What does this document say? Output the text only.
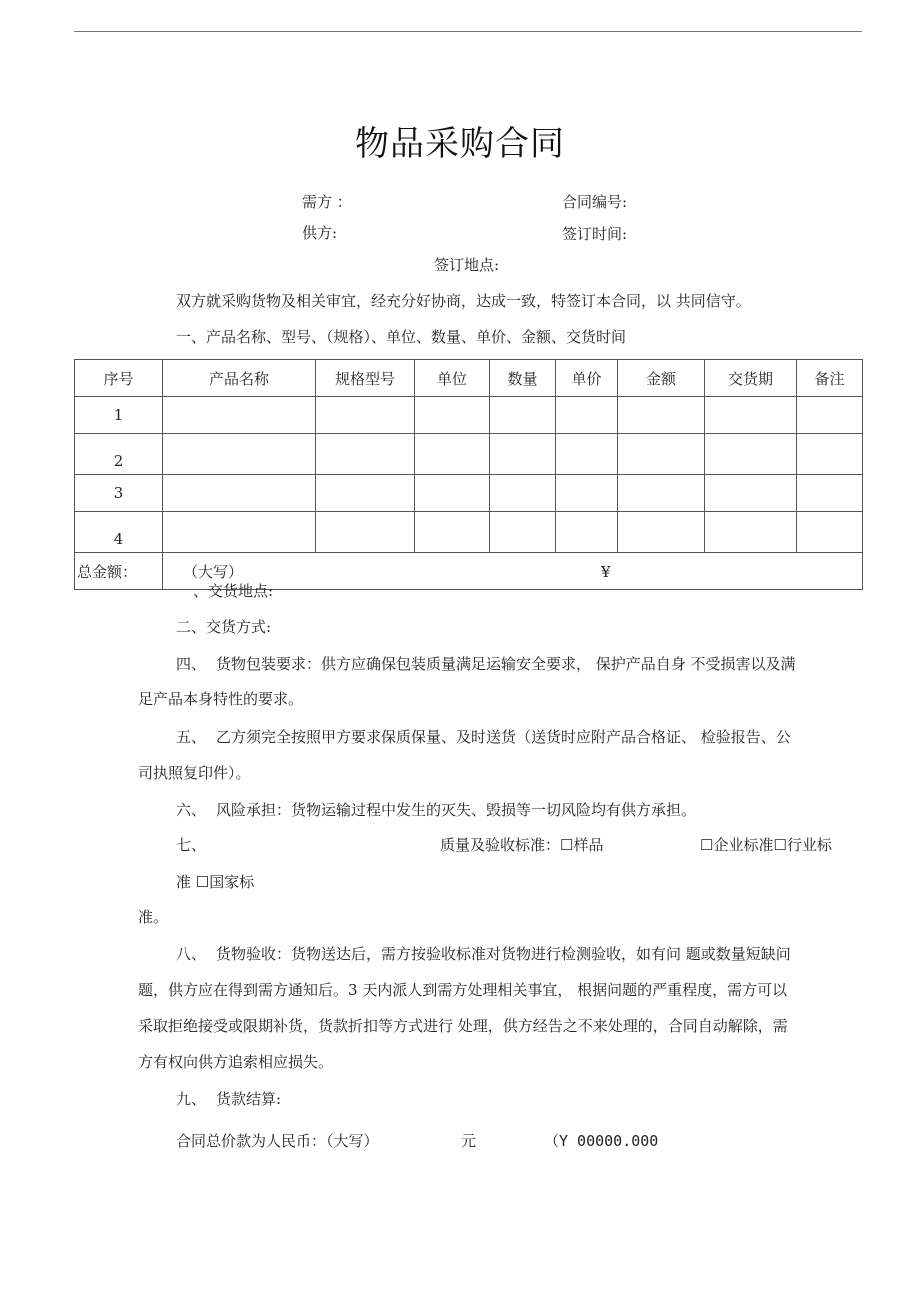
物品采购合同
需方 ：	合同编号:
供方:	签订时间:
签订地点:
双方就采购货物及相关审宜，经充分好协商，达成一致，特签订本合同，以 共同信守。
一、产品名称、型号、（规格）、单位、数量、单价、金额、交货时间
序号	产品名称	规格型号	单位	数量	单价	金额	交货期	备注
1								
2								
3								
4								
总金额：	（大写） ¥							
、交货地点:
二、交货方式:
四、 货物包装要求：供方应确保包装质量满足运输安全要求， 保护产品自身 不受损害以及满
足产品本身特性的要求。
五、 乙方须完全按照甲方要求保质保量、及时送货（送货时应附产品合格证、 检验报告、公
司执照复印件）。
六、 风险承担：货物运输过程中发生的灭失、毁损等一切风险均有供方承担。
七、	质量及验收标准：☐样品	☐企业标准☐行业标
准 ☐国家标
准。
八、 货物验收：货物送达后，需方按验收标准对货物进行检测验收，如有问 题或数量短缺问
题，供方应在得到需方通知后。3 天内派人到需方处理相关事宜， 根据问题的严重程度，需方可以
采取拒绝接受或限期补货，货款折扣等方式进行 处理，供方经告之不来处理的，合同自动解除，需
方有权向供方追索相应损失。
九、 货款结算:
合同总价款为人民币：（大写）	元	（Y 00000.000
